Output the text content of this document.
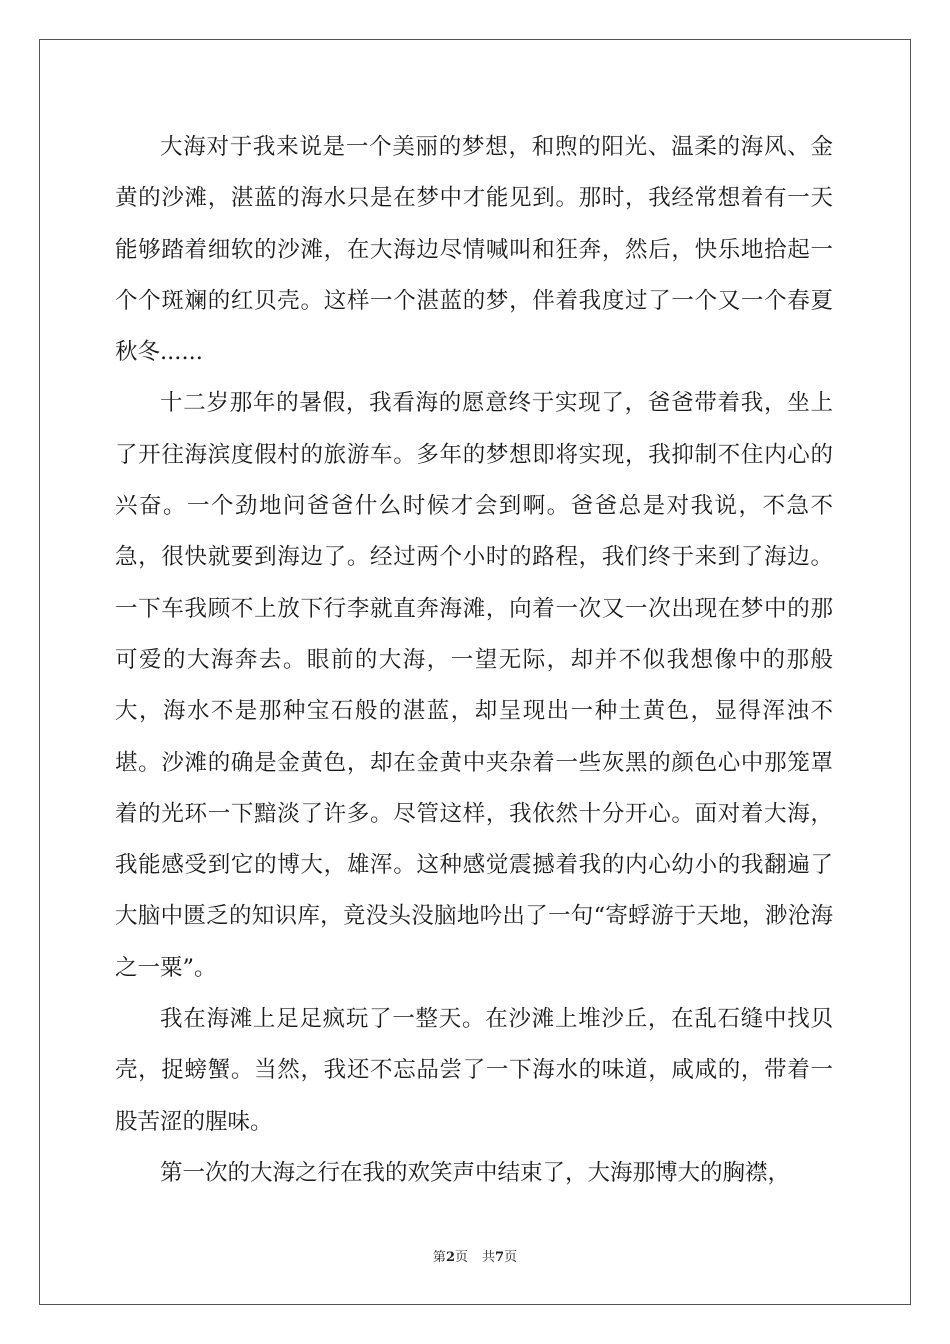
大海对于我来说是一个美丽的梦想，和煦的阳光、温柔的海风、金黄的沙滩，湛蓝的海水只是在梦中才能见到。那时，我经常想着有一天能够踏着细软的沙滩，在大海边尽情喊叫和狂奔，然后，快乐地拾起一个个斑斓的红贝壳。这样一个湛蓝的梦，伴着我度过了一个又一个春夏秋冬......

十二岁那年的暑假，我看海的愿意终于实现了，爸爸带着我，坐上了开往海滨度假村的旅游车。多年的梦想即将实现，我抑制不住内心的兴奋。一个劲地问爸爸什么时候才会到啊。爸爸总是对我说，不急不急，很快就要到海边了。经过两个小时的路程，我们终于来到了海边。一下车我顾不上放下行李就直奔海滩，向着一次又一次出现在梦中的那可爱的大海奔去。眼前的大海，一望无际，却并不似我想像中的那般大，海水不是那种宝石般的湛蓝，却呈现出一种土黄色，显得浑浊不堪。沙滩的确是金黄色，却在金黄中夹杂着一些灰黑的颜色心中那笼罩着的光环一下黯淡了许多。尽管这样，我依然十分开心。面对着大海，我能感受到它的博大，雄浑。这种感觉震撼着我的内心幼小的我翻遍了大脑中匮乏的知识库，竟没头没脑地吟出了一句“寄蜉游于天地，渺沧海之一粟”。

我在海滩上足足疯玩了一整天。在沙滩上堆沙丘，在乱石缝中找贝壳，捉螃蟹。当然，我还不忘品尝了一下海水的味道，咸咸的，带着一股苦涩的腥味。

第一次的大海之行在我的欢笑声中结束了，大海那博大的胸襟，

第2页 共7页
